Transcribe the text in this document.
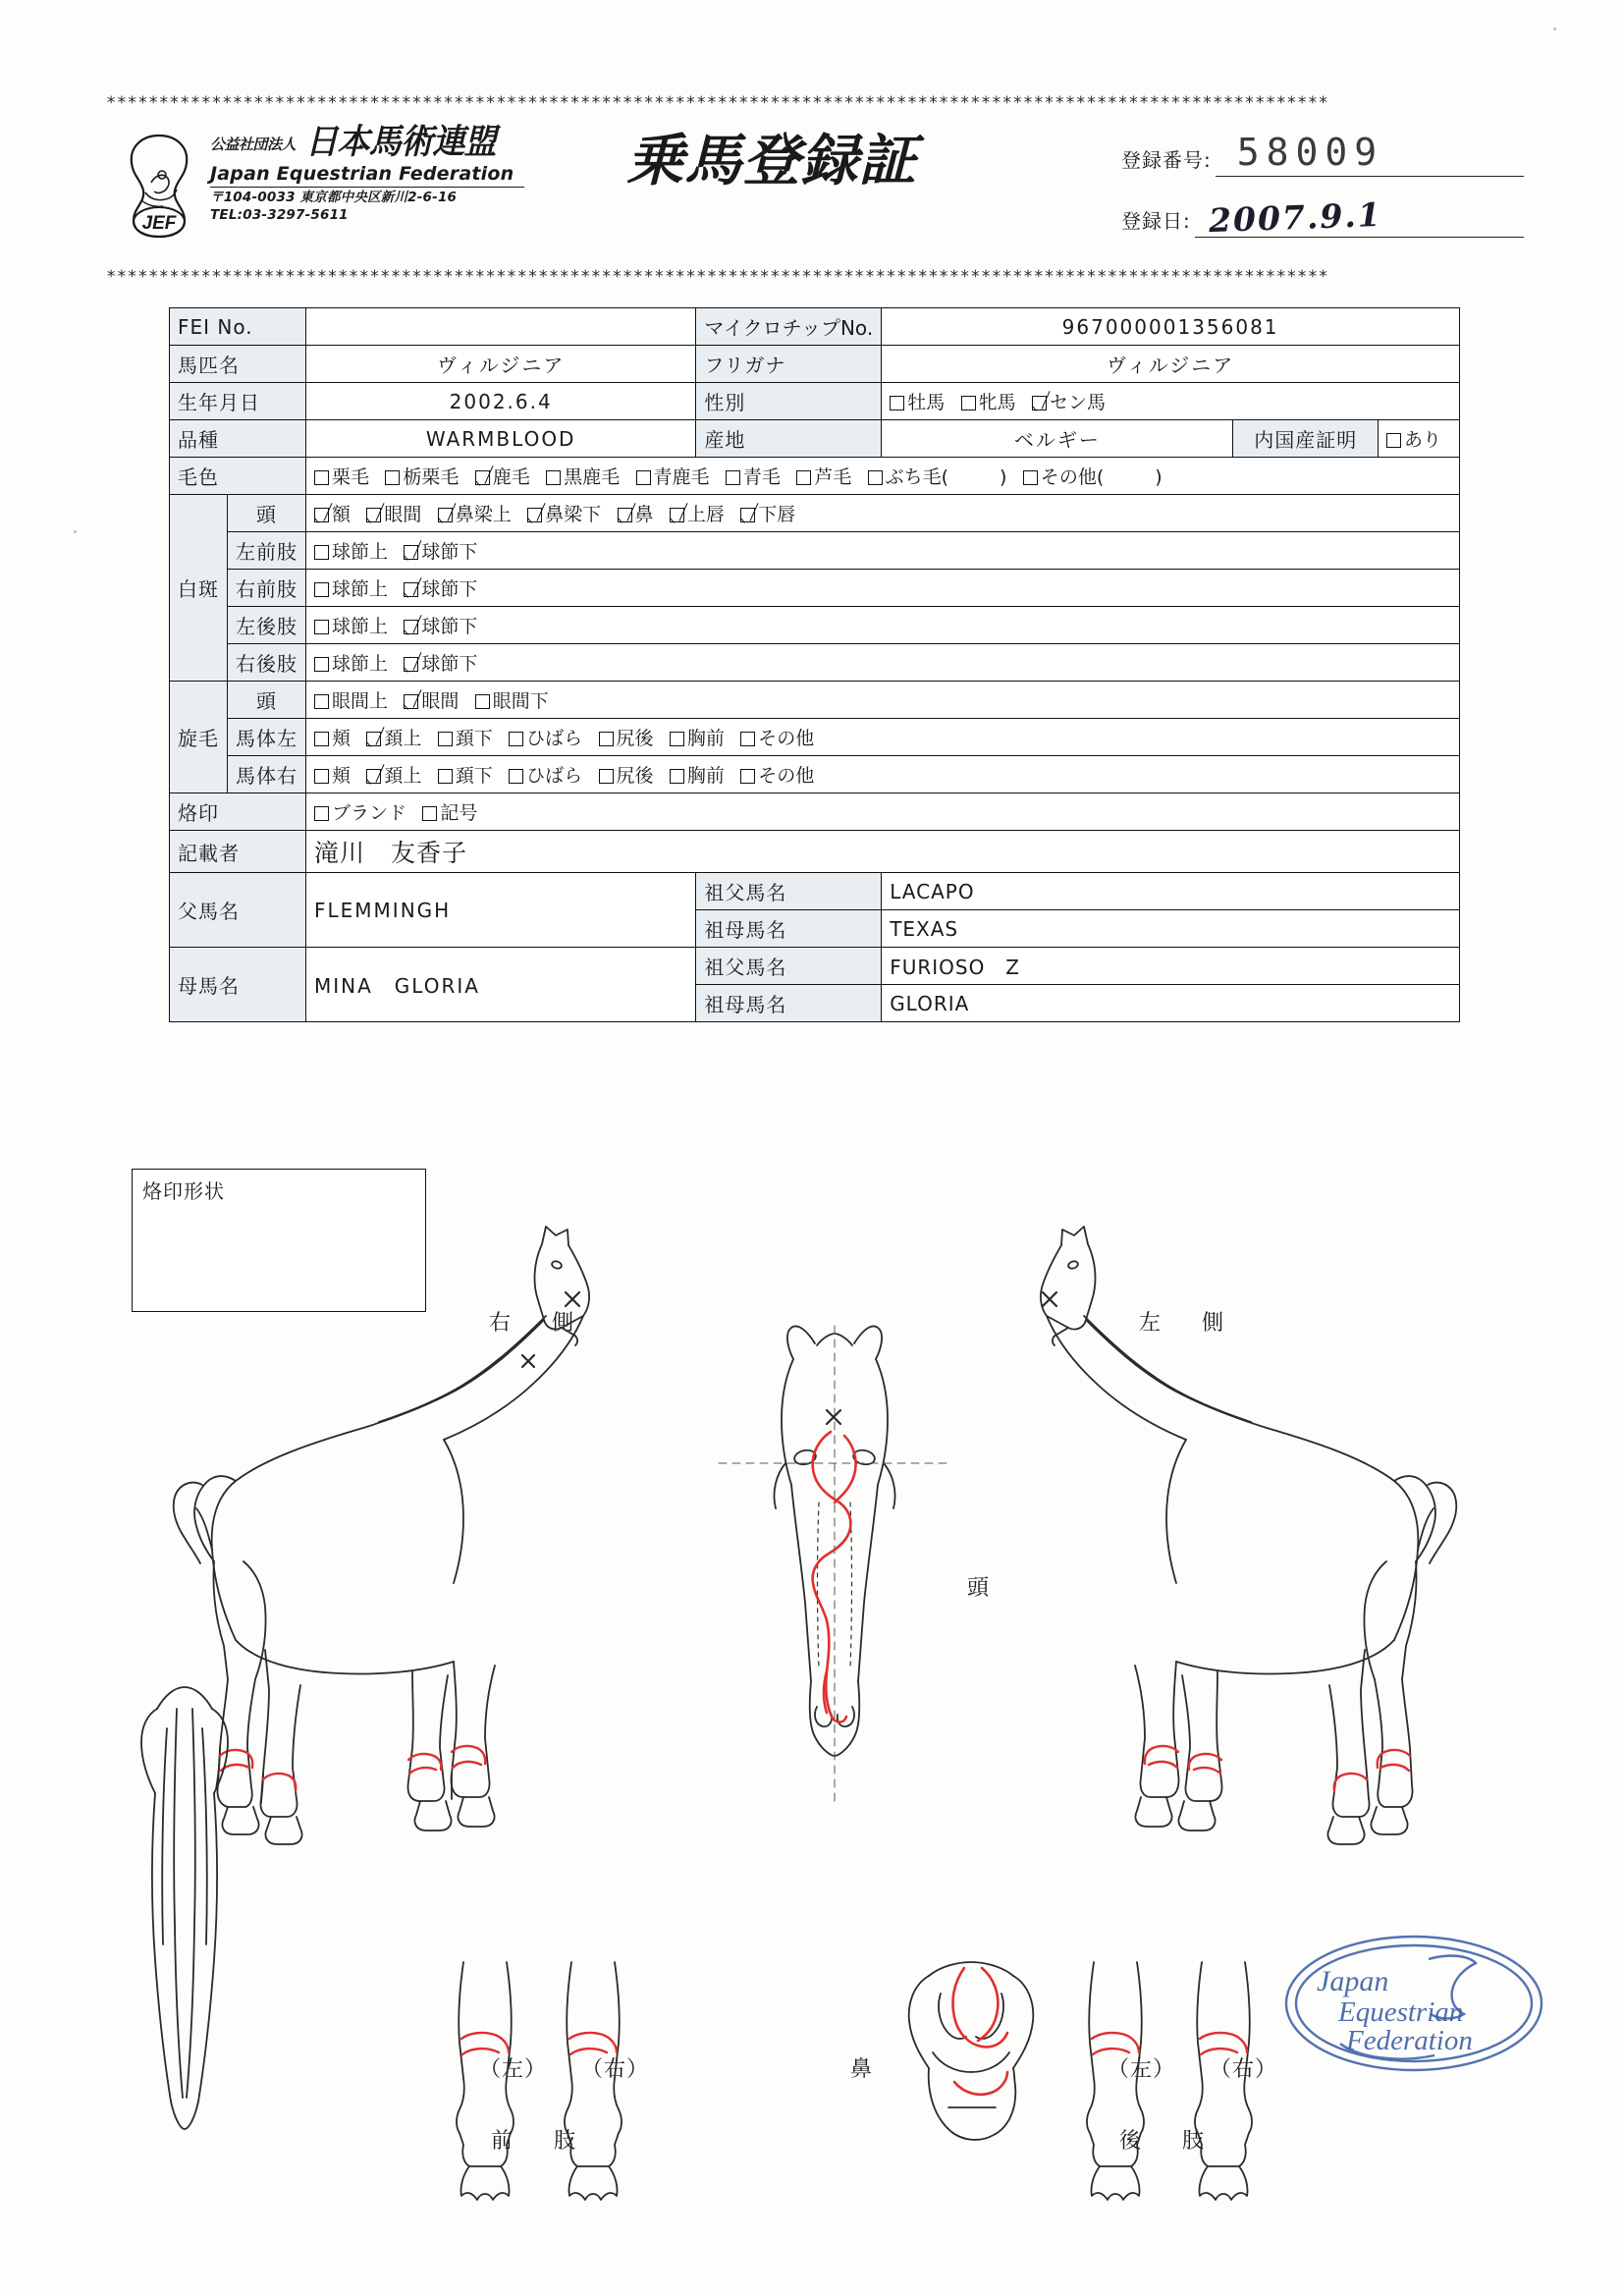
********************************************************************************************************************
********************************************************************************************************************
JEF
公益社団法人 日本馬術連盟
Japan Equestrian Federation
〒104-0033 東京都中央区新川2-6-16
TEL:03-3297-5611
乗馬登録証	登録番号: 58009
登録日: 2007.9.1
FEI No.			マイクロチップNo.	967000001356081		
馬匹名		ヴィルジニア	フリガナ	ヴィルジニア		
生年月日		2002.6.4	性別	牡馬 牝馬 セン馬		
品種		WARMBLOOD	産地	ベルギー	内国産証明	あり
毛色		栗毛 栃栗毛 鹿毛 黒鹿毛 青鹿毛 青毛 芦毛 ぶち毛( ) その他( )				
白斑	頭	額 眼間 鼻梁上 鼻梁下 鼻 上唇 下唇				
	左前肢	球節上 球節下				
	右前肢	球節上 球節下				
	左後肢	球節上 球節下				
	右後肢	球節上 球節下				
旋毛	頭	眼間上 眼間 眼間下				
	馬体左	頬 頚上 頚下 ひばら 尻後 胸前 その他				
	馬体右	頬 頚上 頚下 ひばら 尻後 胸前 その他				
烙印		ブランド 記号				
記載者		滝川　友香子				
父馬名		FLEMMINGH	祖父馬名	LACAPO		
			祖母馬名	TEXAS		
母馬名		MINA　GLORIA	祖父馬名	FURIOSO　Z		
			祖母馬名	GLORIA		
烙印形状
右　側	左　側
頭
（左） （右）
前　肢
鼻	（左） （右）
後　肢
Japan
Equestrian
Federation
